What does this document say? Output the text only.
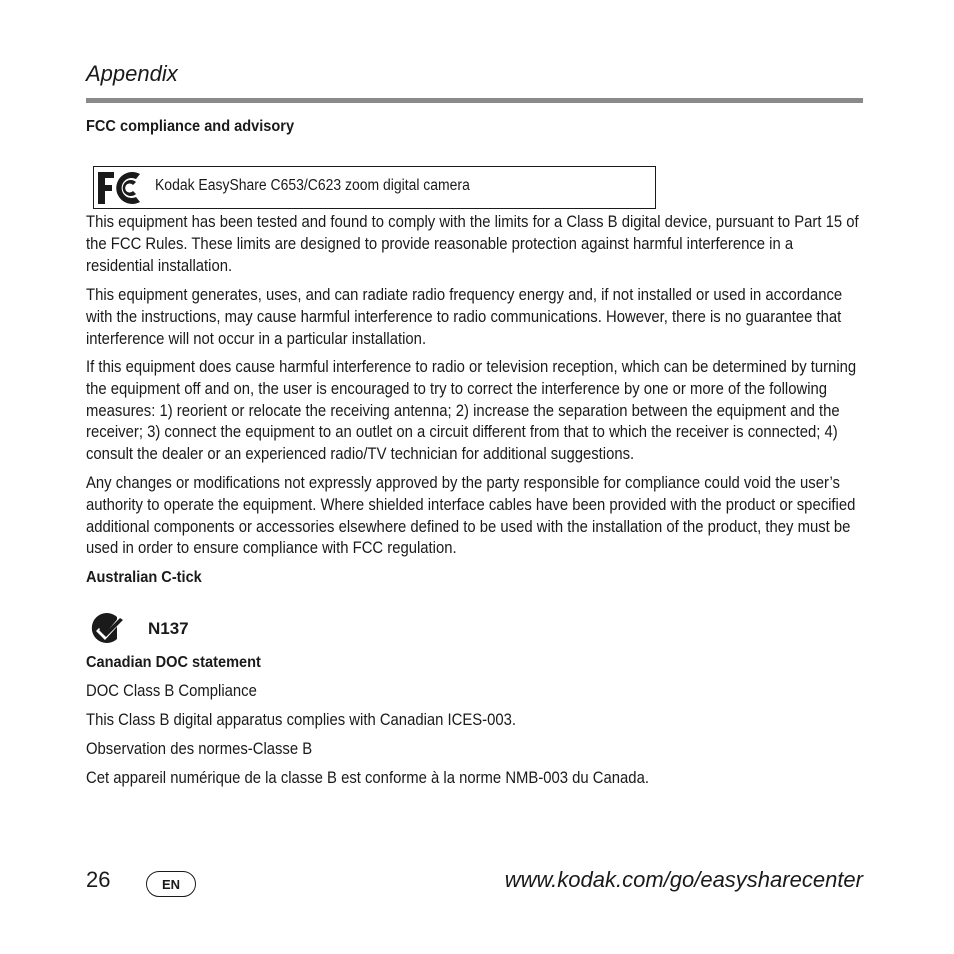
Appendix
FCC compliance and advisory
Kodak EasyShare C653/C623 zoom digital camera
This equipment has been tested and found to comply with the limits for a Class B digital device, pursuant to Part 15 of the FCC Rules. These limits are designed to provide reasonable protection against harmful interference in a residential installation.
This equipment generates, uses, and can radiate radio frequency energy and, if not installed or used in accordance with the instructions, may cause harmful interference to radio communications. However, there is no guarantee that interference will not occur in a particular installation.
If this equipment does cause harmful interference to radio or television reception, which can be determined by turning the equipment off and on, the user is encouraged to try to correct the interference by one or more of the following measures: 1) reorient or relocate the receiving antenna; 2) increase the separation between the equipment and the receiver; 3) connect the equipment to an outlet on a circuit different from that to which the receiver is connected; 4) consult the dealer or an experienced radio/TV technician for additional suggestions.
Any changes or modifications not expressly approved by the party responsible for compliance could void the user’s authority to operate the equipment. Where shielded interface cables have been provided with the product or specified additional components or accessories elsewhere defined to be used with the installation of the product, they must be used in order to ensure compliance with FCC regulation.
Australian C-tick
N137
Canadian DOC statement
DOC Class B Compliance
This Class B digital apparatus complies with Canadian ICES-003.
Observation des normes-Classe B
Cet appareil numérique de la classe B est conforme à la norme NMB-003 du Canada.
26	EN	www.kodak.com/go/easysharecenter
